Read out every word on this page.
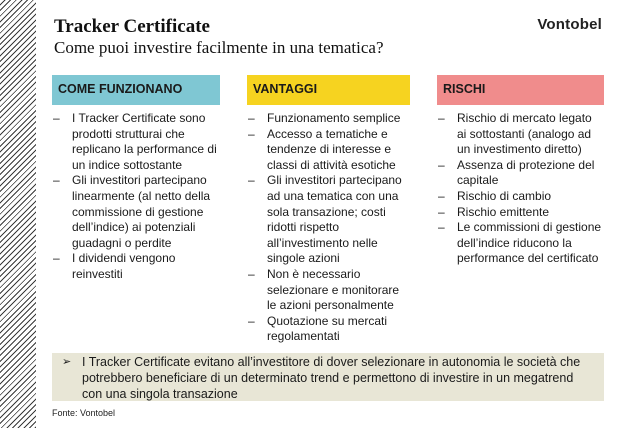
Tracker Certificate
Come puoi investire facilmente in una tematica?
Vontobel
COME FUNZIONANO
– I Tracker Certificate sono prodotti strutturai che replicano la performance di un indice sottostante
– Gli investitori partecipano linearmente (al netto della commissione di gestione dell’indice) ai potenziali guadagni o perdite
– I dividendi vengono reinvestiti
VANTAGGI
– Funzionamento semplice
– Accesso a tematiche e tendenze di interesse e classi di attività esotiche
– Gli investitori partecipano ad una tematica con una sola transazione; costi ridotti rispetto all’investimento nelle singole azioni
– Non è necessario selezionare e monitorare le azioni personalmente
– Quotazione su mercati regolamentati
RISCHI
– Rischio di mercato legato ai sottostanti (analogo ad un investimento diretto)
– Assenza di protezione del capitale
– Rischio di cambio
– Rischio emittente
– Le commissioni di gestione dell’indice riducono la performance del certificato
➢ I Tracker Certificate evitano all’investitore di dover selezionare in autonomia le società che potrebbero beneficiare di un determinato trend e permettono di investire in un megatrend con una singola transazione
Fonte: Vontobel
